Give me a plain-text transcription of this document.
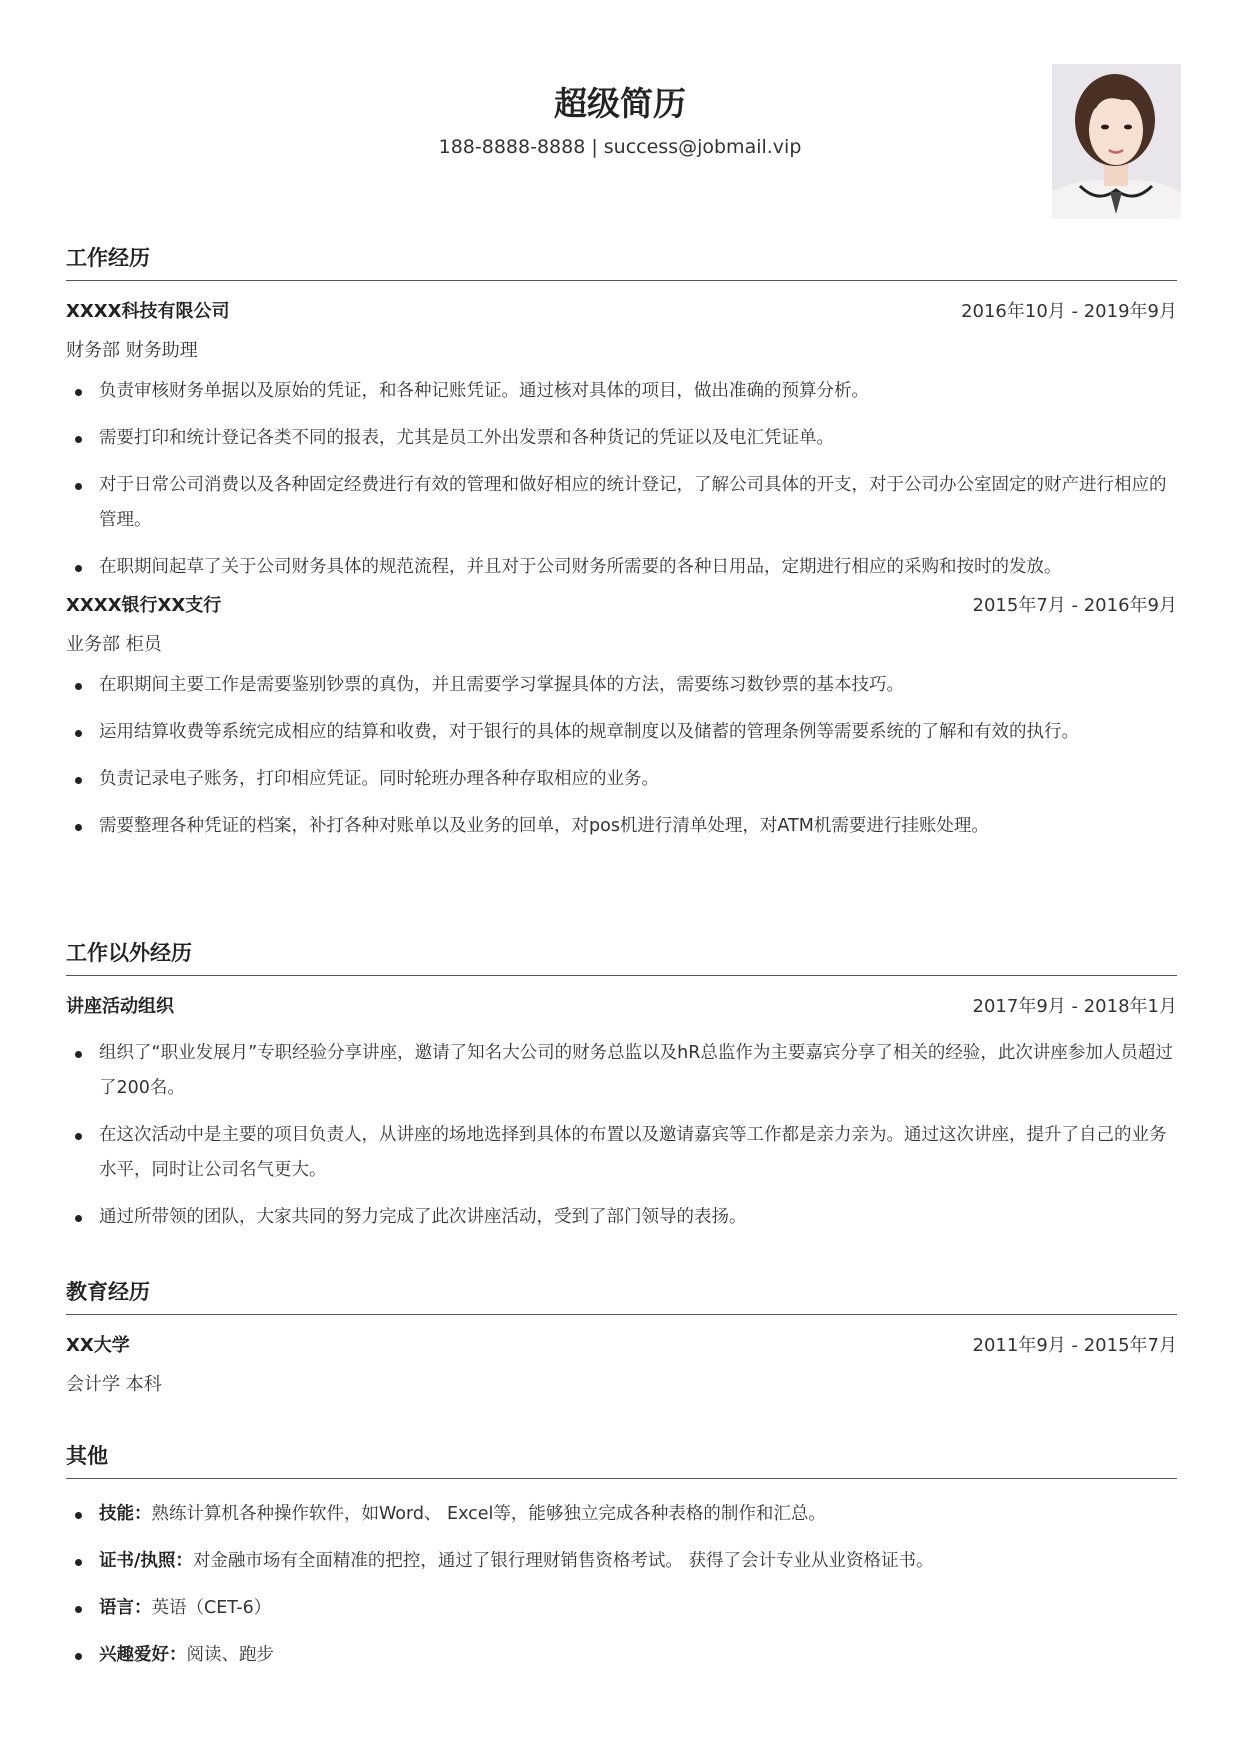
超级简历
188-8888-8888 | success@jobmail.vip
工作经历
XXXX科技有限公司	2016年10月 - 2019年9月
财务部 财务助理
负责审核财务单据以及原始的凭证，和各种记账凭证。通过核对具体的项目，做出准确的预算分析。
需要打印和统计登记各类不同的报表，尤其是员工外出发票和各种货记的凭证以及电汇凭证单。
对于日常公司消费以及各种固定经费进行有效的管理和做好相应的统计登记，了解公司具体的开支，对于公司办公室固定的财产进行相应的管理。
在职期间起草了关于公司财务具体的规范流程，并且对于公司财务所需要的各种日用品，定期进行相应的采购和按时的发放。
XXXX银行XX支行	2015年7月 - 2016年9月
业务部 柜员
在职期间主要工作是需要鉴别钞票的真伪，并且需要学习掌握具体的方法，需要练习数钞票的基本技巧。
运用结算收费等系统完成相应的结算和收费，对于银行的具体的规章制度以及储蓄的管理条例等需要系统的了解和有效的执行。
负责记录电子账务，打印相应凭证。同时轮班办理各种存取相应的业务。
需要整理各种凭证的档案，补打各种对账单以及业务的回单，对pos机进行清单处理，对ATM机需要进行挂账处理。
工作以外经历
讲座活动组织	2017年9月 - 2018年1月
组织了“职业发展月”专职经验分享讲座，邀请了知名大公司的财务总监以及hR总监作为主要嘉宾分享了相关的经验，此次讲座参加人员超过了200名。
在这次活动中是主要的项目负责人，从讲座的场地选择到具体的布置以及邀请嘉宾等工作都是亲力亲为。通过这次讲座，提升了自己的业务水平，同时让公司名气更大。
通过所带领的团队，大家共同的努力完成了此次讲座活动，受到了部门领导的表扬。
教育经历
XX大学	2011年9月 - 2015年7月
会计学 本科
其他
技能：熟练计算机各种操作软件，如Word、 Excel等，能够独立完成各种表格的制作和汇总。
证书/执照：对金融市场有全面精准的把控，通过了银行理财销售资格考试。 获得了会计专业从业资格证书。
语言：英语（CET-6）
兴趣爱好：阅读、跑步
